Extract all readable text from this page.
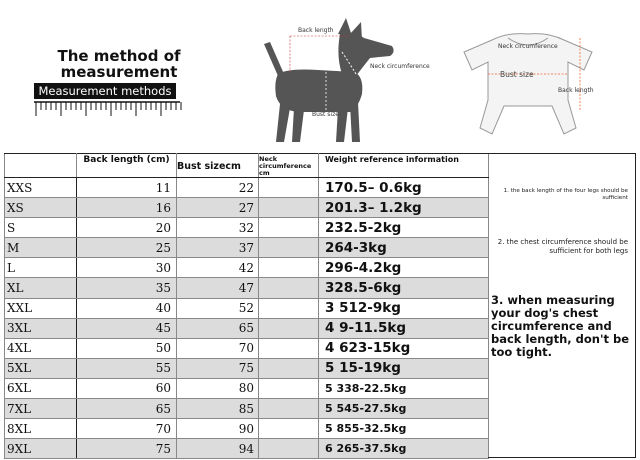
The method of measurement
Measurement methods
Back length
Neck circumference
Bust size
Neck circumference
Bust size
Back length
	Back length (cm)	Bust sizecm	Neck circumference cm	Weight reference information
XXS	11	22		170.5– 0.6kg
XS	16	27		201.3– 1.2kg
S	20	32		232.5-2kg
M	25	37		264-3kg
L	30	42		296-4.2kg
XL	35	47		328.5-6kg
XXL	40	52		3 512-9kg
3XL	45	65		4 9-11.5kg
4XL	50	70		4 623-15kg
5XL	55	75		5 15-19kg
6XL	60	80		5 338-22.5kg
7XL	65	85		5 545-27.5kg
8XL	70	90		5 855-32.5kg
9XL	75	94		6 265-37.5kg
1. the back length of the four legs should be sufficient
2. the chest circumference should be sufficient for both legs
3. when measuring your dog's chest circumference and back length, don't be too tight.
